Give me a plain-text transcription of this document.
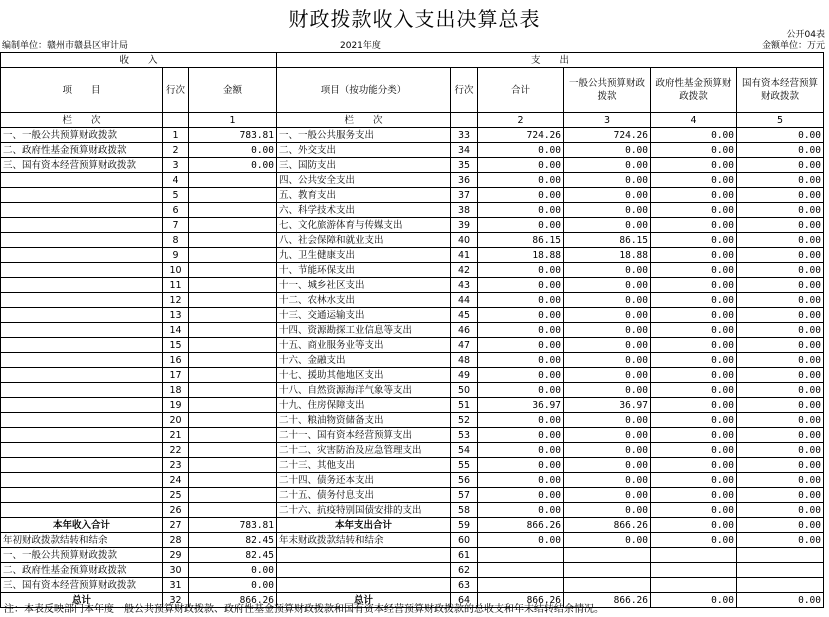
财政拨款收入支出决算总表
公开04表
编制单位：赣州市赣县区审计局	2021年度	金额单位：万元
收　　入			支　　出					
项　　目	行次	金额	项目（按功能分类）	行次	合计	一般公共预算财政拨款	政府性基金预算财政拨款	国有资本经营预算财政拨款
栏　　次		1	栏　　次		2	3	4	5
一、一般公共预算财政拨款	1	783.81	一、一般公共服务支出	33	724.26	724.26	0.00	0.00
二、政府性基金预算财政拨款	2	0.00	二、外交支出	34	0.00	0.00	0.00	0.00
三、国有资本经营预算财政拨款	3	0.00	三、国防支出	35	0.00	0.00	0.00	0.00
	4		四、公共安全支出	36	0.00	0.00	0.00	0.00
	5		五、教育支出	37	0.00	0.00	0.00	0.00
	6		六、科学技术支出	38	0.00	0.00	0.00	0.00
	7		七、文化旅游体育与传媒支出	39	0.00	0.00	0.00	0.00
	8		八、社会保障和就业支出	40	86.15	86.15	0.00	0.00
	9		九、卫生健康支出	41	18.88	18.88	0.00	0.00
	10		十、节能环保支出	42	0.00	0.00	0.00	0.00
	11		十一、城乡社区支出	43	0.00	0.00	0.00	0.00
	12		十二、农林水支出	44	0.00	0.00	0.00	0.00
	13		十三、交通运输支出	45	0.00	0.00	0.00	0.00
	14		十四、资源勘探工业信息等支出	46	0.00	0.00	0.00	0.00
	15		十五、商业服务业等支出	47	0.00	0.00	0.00	0.00
	16		十六、金融支出	48	0.00	0.00	0.00	0.00
	17		十七、援助其他地区支出	49	0.00	0.00	0.00	0.00
	18		十八、自然资源海洋气象等支出	50	0.00	0.00	0.00	0.00
	19		十九、住房保障支出	51	36.97	36.97	0.00	0.00
	20		二十、粮油物资储备支出	52	0.00	0.00	0.00	0.00
	21		二十一、国有资本经营预算支出	53	0.00	0.00	0.00	0.00
	22		二十二、灾害防治及应急管理支出	54	0.00	0.00	0.00	0.00
	23		二十三、其他支出	55	0.00	0.00	0.00	0.00
	24		二十四、债务还本支出	56	0.00	0.00	0.00	0.00
	25		二十五、债务付息支出	57	0.00	0.00	0.00	0.00
	26		二十六、抗疫特别国债安排的支出	58	0.00	0.00	0.00	0.00
本年收入合计	27	783.81	本年支出合计	59	866.26	866.26	0.00	0.00
年初财政拨款结转和结余	28	82.45	年末财政拨款结转和结余	60	0.00	0.00	0.00	0.00
一、一般公共预算财政拨款	29	82.45		61				
二、政府性基金预算财政拨款	30	0.00		62				
三、国有资本经营预算财政拨款	31	0.00		63				
总计	32	866.26	总计	64	866.26	866.26	0.00	0.00
注：本表反映部门本年度一般公共预算财政拨款、政府性基金预算财政拨款和国有资本经营预算财政拨款的总收支和年末结转结余情况。
